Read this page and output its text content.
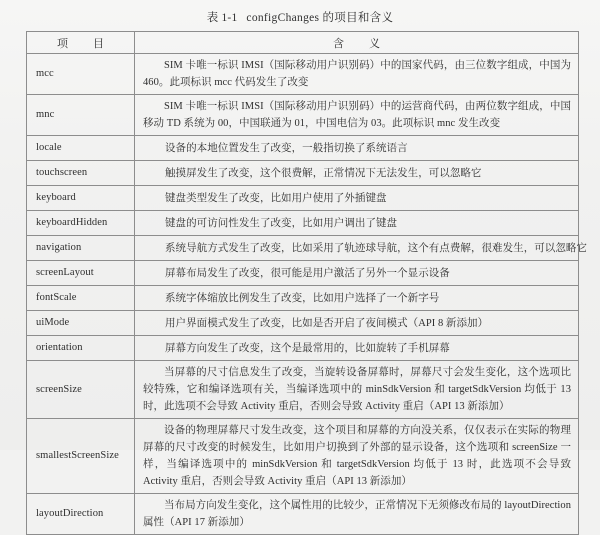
表 1-1 configChanges 的项目和含义
项　目	含　义
mcc	SIM 卡唯一标识 IMSI（国际移动用户识别码）中的国家代码，由三位数字组成，中国为 460。此项标识 mcc 代码发生了改变
mnc	SIM 卡唯一标识 IMSI（国际移动用户识别码）中的运营商代码，由两位数字组成，中国移动 TD 系统为 00，中国联通为 01，中国电信为 03。此项标识 mnc 发生改变
locale	设备的本地位置发生了改变，一般指切换了系统语言
touchscreen	触摸屏发生了改变，这个很费解，正常情况下无法发生，可以忽略它
keyboard	键盘类型发生了改变，比如用户使用了外插键盘
keyboardHidden	键盘的可访问性发生了改变，比如用户调出了键盘
navigation	系统导航方式发生了改变，比如采用了轨迹球导航，这个有点费解，很难发生，可以忽略它
screenLayout	屏幕布局发生了改变，很可能是用户激活了另外一个显示设备
fontScale	系统字体缩放比例发生了改变，比如用户选择了一个新字号
uiMode	用户界面模式发生了改变，比如是否开启了夜间模式（API 8 新添加）
orientation	屏幕方向发生了改变，这个是最常用的，比如旋转了手机屏幕
screenSize	当屏幕的尺寸信息发生了改变，当旋转设备屏幕时，屏幕尺寸会发生变化，这个选项比较特殊，它和编译选项有关，当编译选项中的 minSdkVersion 和 targetSdkVersion 均低于 13 时，此选项不会导致 Activity 重启，否则会导致 Activity 重启（API 13 新添加）
smallestScreenSize	设备的物理屏幕尺寸发生改变，这个项目和屏幕的方向没关系，仅仅表示在实际的物理屏幕的尺寸改变的时候发生，比如用户切换到了外部的显示设备，这个选项和 screenSize 一样，当编译选项中的 minSdkVersion 和 targetSdkVersion 均低于 13 时，此选项不会导致 Activity 重启，否则会导致 Activity 重启（API 13 新添加）
layoutDirection	当布局方向发生变化，这个属性用的比较少，正常情况下无须修改布局的 layoutDirection 属性（API 17 新添加）
